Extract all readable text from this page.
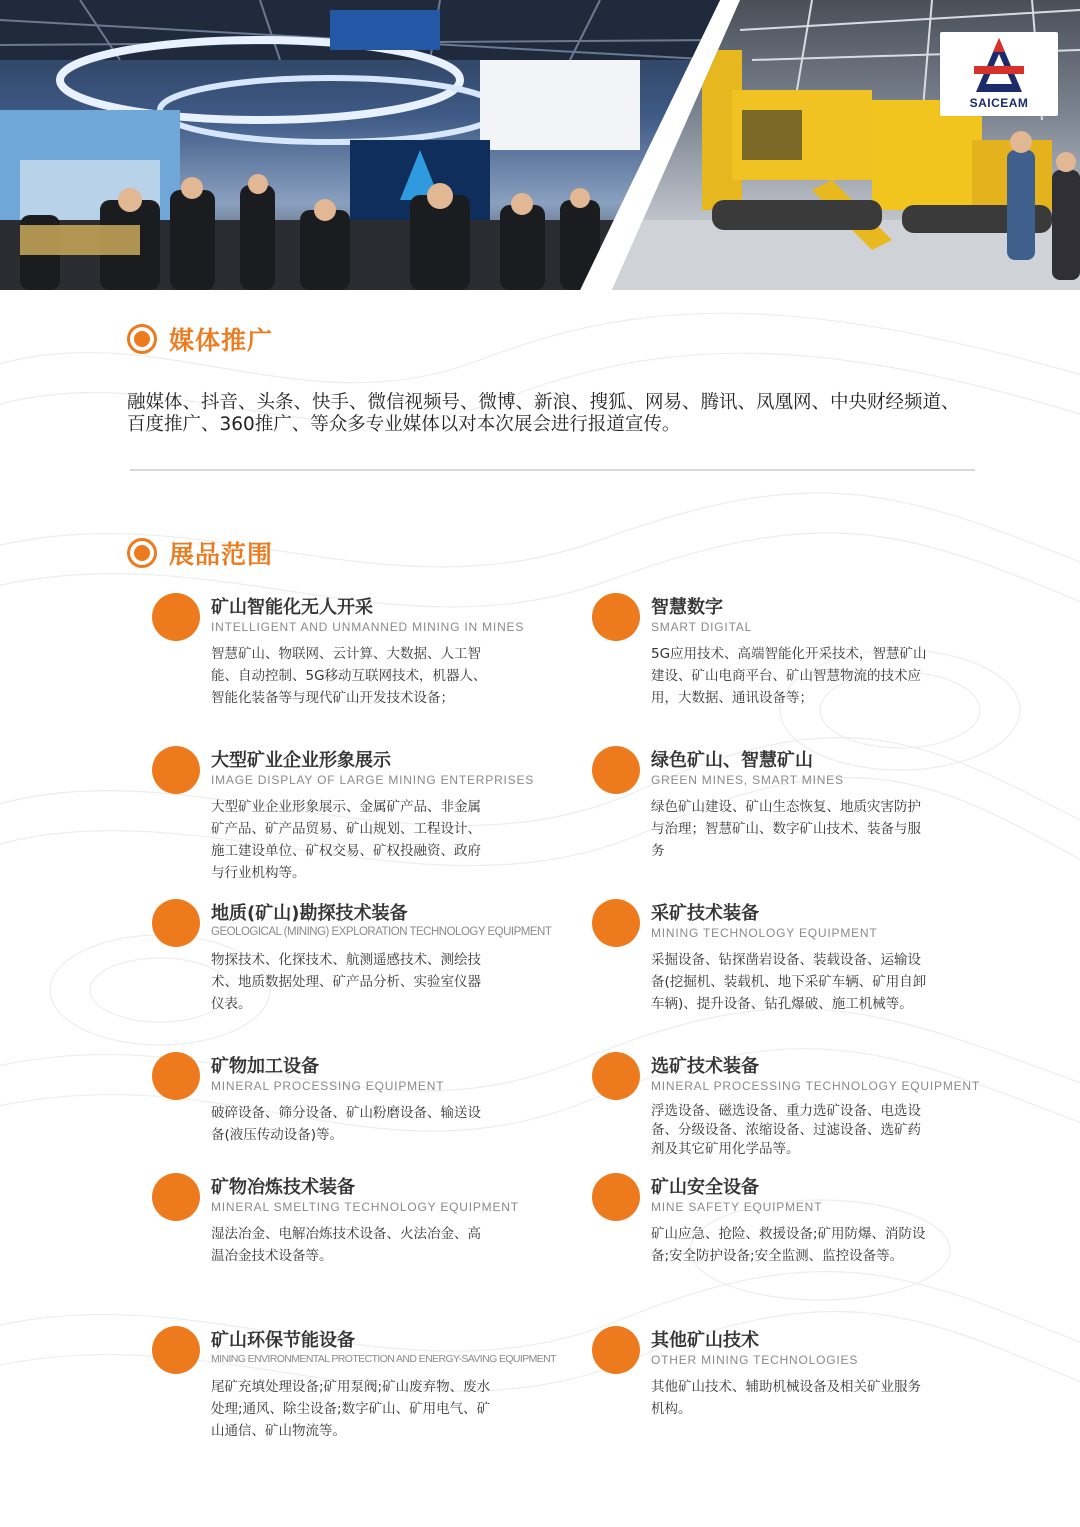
SAICEAM
媒体推广
融媒体、抖音、头条、快手、微信视频号、微博、新浪、搜狐、网易、腾讯、凤凰网、中央财经频道、百度推广、360推广、等众多专业媒体以对本次展会进行报道宣传。
展品范围
矿山智能化无人开采
INTELLIGENT AND UNMANNED MINING IN MINES
智慧矿山、物联网、云计算、大数据、人工智能、自动控制、5G移动互联网技术，机器人、智能化装备等与现代矿山开发技术设备；
智慧数字
SMART DIGITAL
5G应用技术、高端智能化开采技术，智慧矿山建设、矿山电商平台、矿山智慧物流的技术应用，大数据、通讯设备等；
大型矿业企业形象展示
IMAGE DISPLAY OF LARGE MINING ENTERPRISES
大型矿业企业形象展示、金属矿产品、非金属矿产品、矿产品贸易、矿山规划、工程设计、施工建设单位、矿权交易、矿权投融资、政府与行业机构等。
绿色矿山、智慧矿山
GREEN MINES, SMART MINES
绿色矿山建设、矿山生态恢复、地质灾害防护与治理；智慧矿山、数字矿山技术、装备与服务
地质(矿山)勘探技术装备
GEOLOGICAL (MINING) EXPLORATION TECHNOLOGY EQUIPMENT
物探技术、化探技术、航测遥感技术、测绘技术、地质数据处理、矿产品分析、实验室仪器仪表。
采矿技术装备
MINING TECHNOLOGY EQUIPMENT
采掘设备、钻探凿岩设备、装载设备、运输设备(挖掘机、装载机、地下采矿车辆、矿用自卸车辆)、提升设备、钻孔爆破、施工机械等。
矿物加工设备
MINERAL PROCESSING EQUIPMENT
破碎设备、筛分设备、矿山粉磨设备、输送设备(液压传动设备)等。
选矿技术装备
MINERAL PROCESSING TECHNOLOGY EQUIPMENT
浮选设备、磁选设备、重力选矿设备、电选设备、分级设备、浓缩设备、过滤设备、选矿药剂及其它矿用化学品等。
矿物冶炼技术装备
MINERAL SMELTING TECHNOLOGY EQUIPMENT
湿法冶金、电解冶炼技术设备、火法冶金、高温冶金技术设备等。
矿山安全设备
MINE SAFETY EQUIPMENT
矿山应急、抢险、救援设备;矿用防爆、消防设备;安全防护设备;安全监测、监控设备等。
矿山环保节能设备
MINING ENVIRONMENTAL PROTECTION AND ENERGY-SAVING EQUIPMENT
尾矿充填处理设备;矿用泵阀;矿山废弃物、废水处理;通风、除尘设备;数字矿山、矿用电气、矿山通信、矿山物流等。
其他矿山技术
OTHER MINING TECHNOLOGIES
其他矿山技术、辅助机械设备及相关矿业服务机构。
